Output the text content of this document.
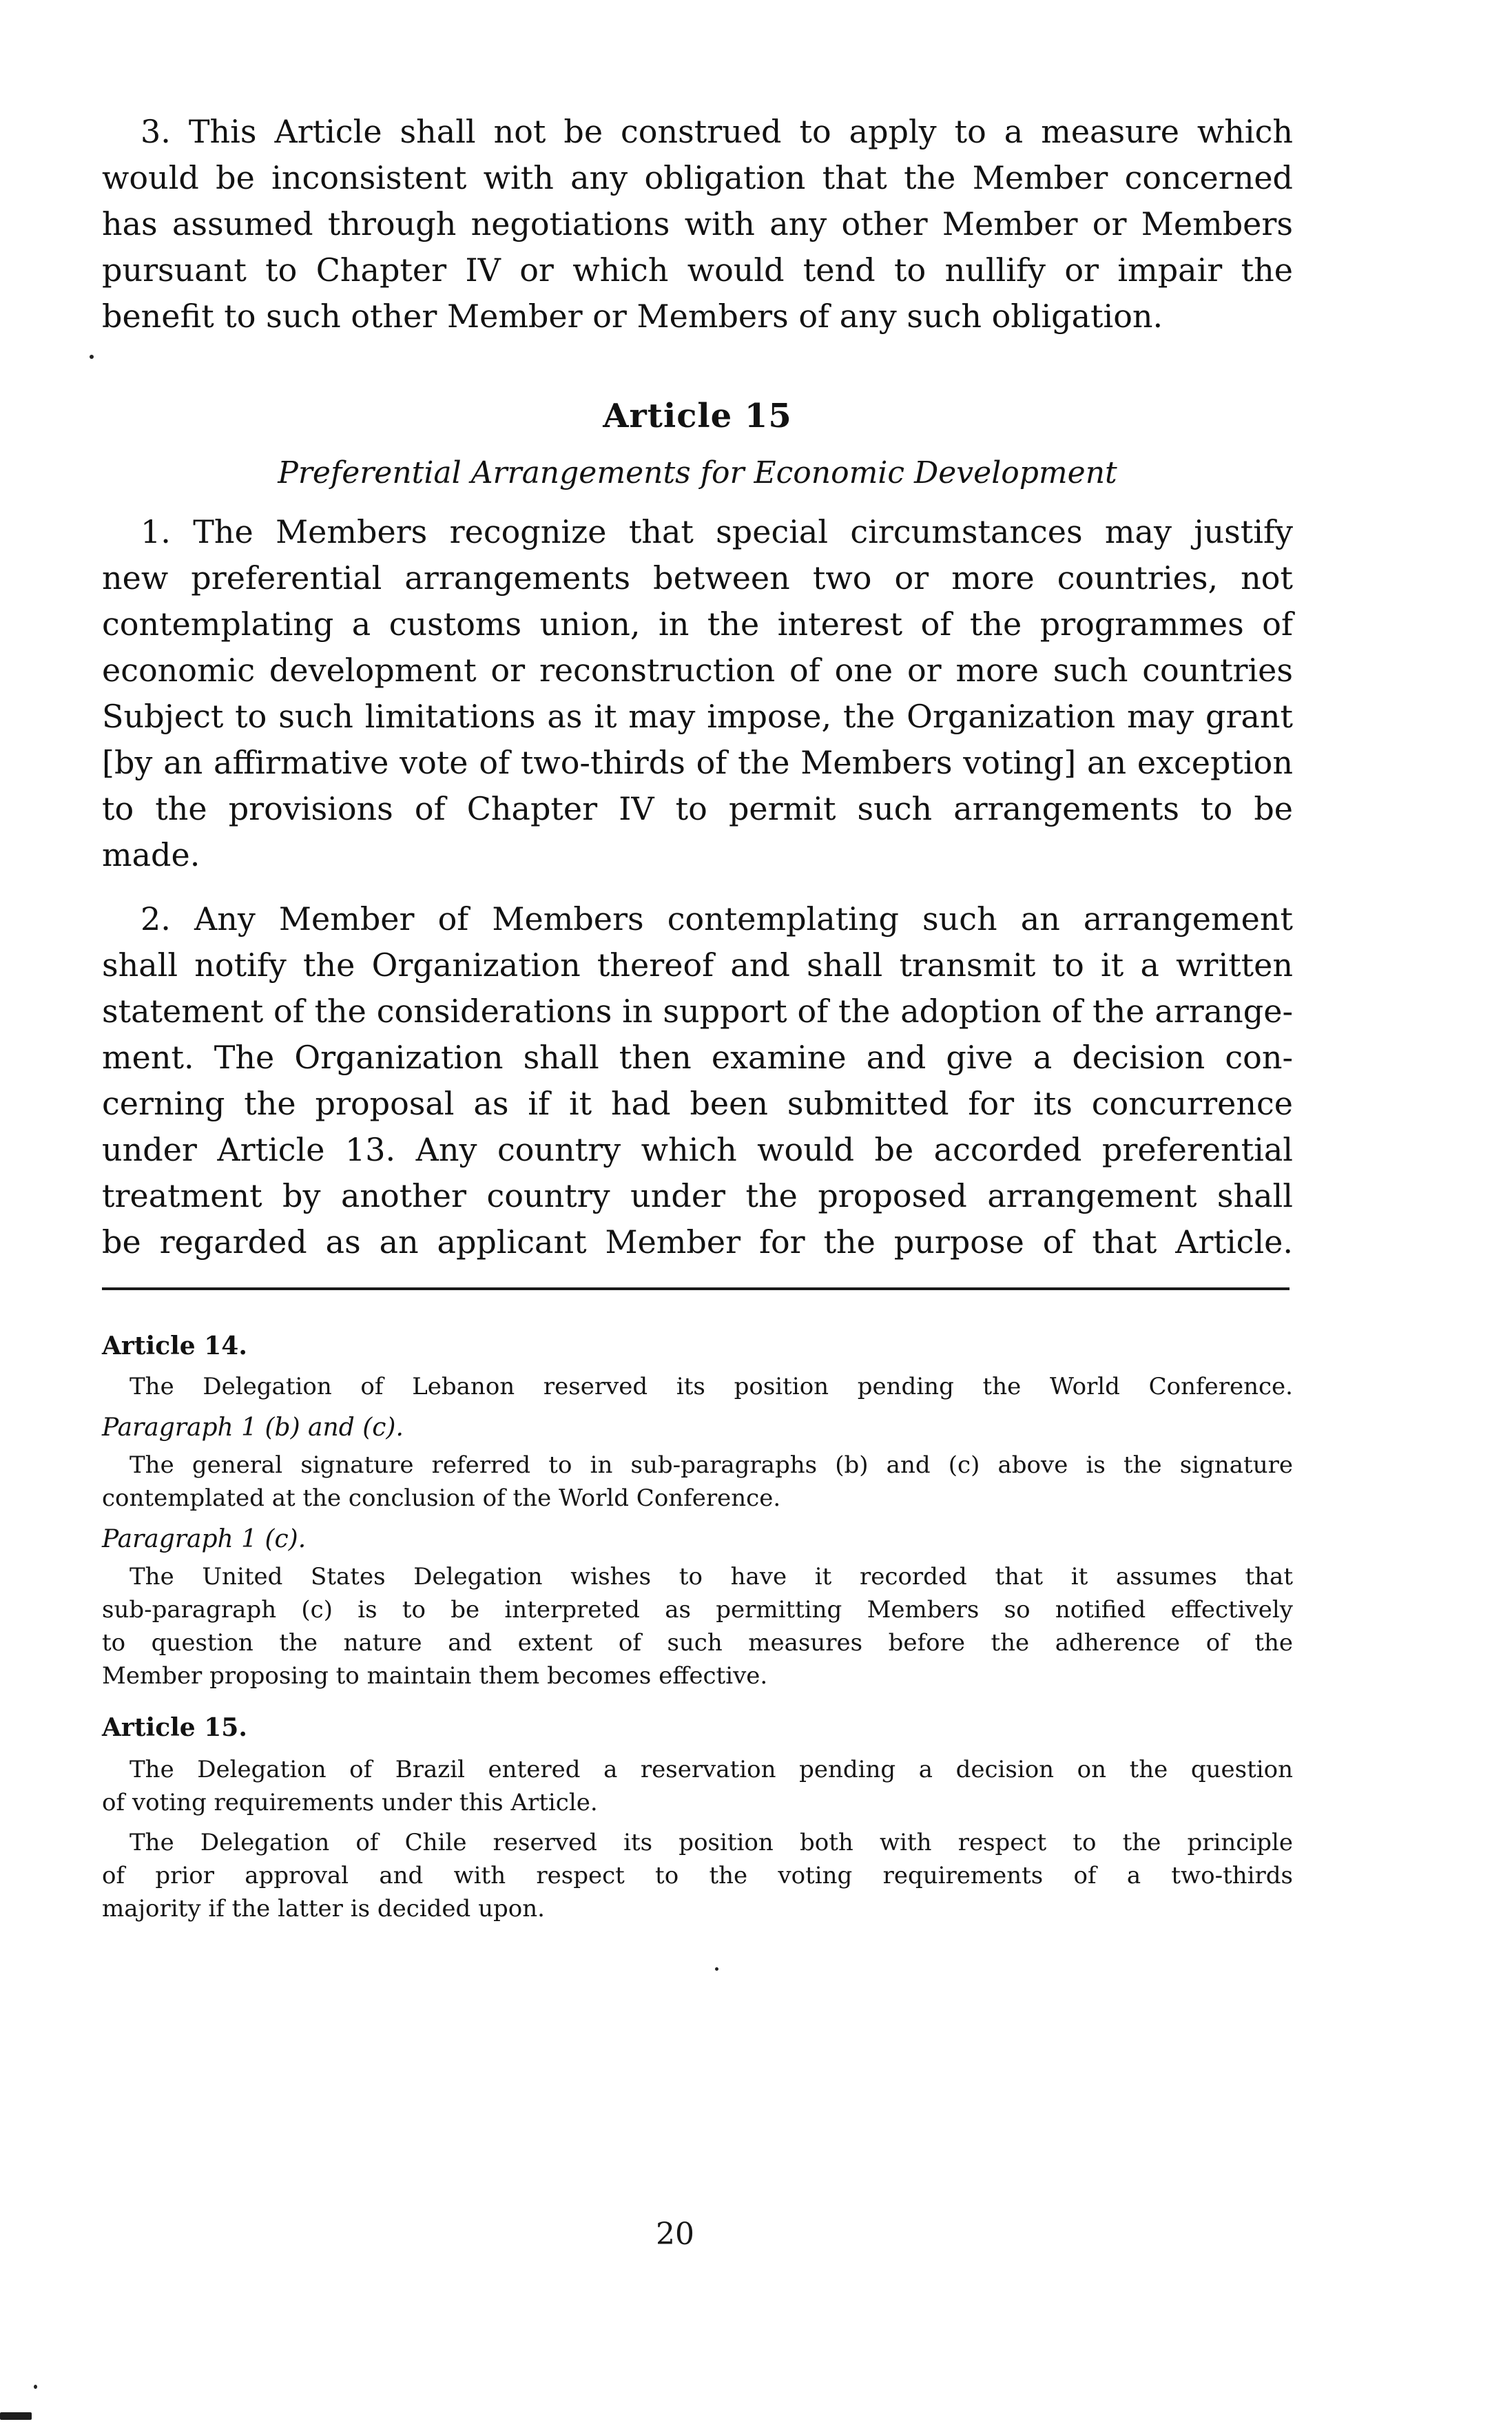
3. This Article shall not be construed to apply to a measure which
would be inconsistent with any obligation that the Member concerned
has assumed through negotiations with any other Member or Members
pursuant to Chapter IV or which would tend to nullify or impair the
benefit to such other Member or Members of any such obligation.
Article 15
Preferential Arrangements for Economic Development
1. The Members recognize that special circumstances may justify
new preferential arrangements between two or more countries, not
contemplating a customs union, in the interest of the programmes of
economic development or reconstruction of one or more such countries
Subject to such limitations as it may impose, the Organization may grant
[by an affirmative vote of two-thirds of the Members voting] an exception
to the provisions of Chapter IV to permit such arrangements to be
made.
2. Any Member of Members contemplating such an arrangement
shall notify the Organization thereof and shall transmit to it a written
statement of the considerations in support of the adoption of the arrange-
ment. The Organization shall then examine and give a decision con-
cerning the proposal as if it had been submitted for its concurrence
under Article 13. Any country which would be accorded preferential
treatment by another country under the proposed arrangement shall
be regarded as an applicant Member for the purpose of that Article.
Article 14.
The Delegation of Lebanon reserved its position pending the World Conference.
Paragraph 1 (b) and (c).
The general signature referred to in sub-paragraphs (b) and (c) above is the signature
contemplated at the conclusion of the World Conference.
Paragraph 1 (c).
The United States Delegation wishes to have it recorded that it assumes that
sub-paragraph (c) is to be interpreted as permitting Members so notified effectively
to question the nature and extent of such measures before the adherence of the
Member proposing to maintain them becomes effective.
Article 15.
The Delegation of Brazil entered a reservation pending a decision on the question
of voting requirements under this Article.
The Delegation of Chile reserved its position both with respect to the principle
of prior approval and with respect to the voting requirements of a two-thirds
majority if the latter is decided upon.
20
